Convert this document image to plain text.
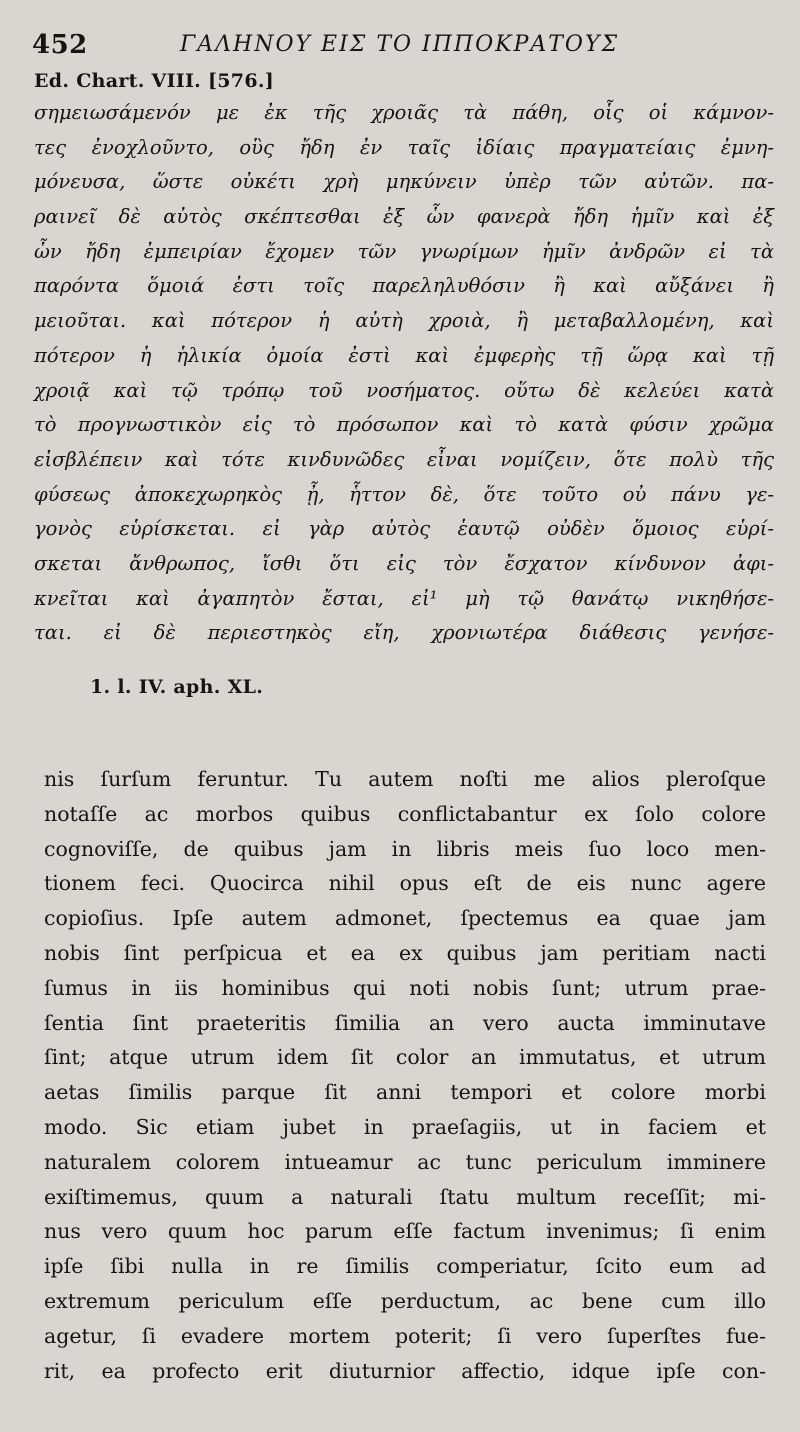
452	ΓΑΛΗΝΟΥ ΕΙΣ ΤΟ ΙΠΠΟΚΡΑΤΟΥΣ
Ed. Chart. VIII. [576.]
σημειωσάμενόν με ἐκ τῆς χροιᾶς τὰ πάθη, οἷς οἱ κάμνον-
τες ἐνοχλοῦντο, οὓς ἤδη ἐν ταῖς ἰδίαις πραγματείαις ἐμνη-
μόνευσα, ὥστε οὐκέτι χρὴ μηκύνειν ὑπὲρ τῶν αὐτῶν. πα-
ραινεῖ δὲ αὐτὸς σκέπτεσθαι ἐξ ὧν φανερὰ ἤδη ἡμῖν καὶ ἐξ
ὧν ἤδη ἐμπειρίαν ἔχομεν τῶν γνωρίμων ἡμῖν ἀνδρῶν εἰ τὰ
παρόντα ὅμοιά ἐστι τοῖς παρεληλυθόσιν ἢ καὶ αὔξάνει ἢ
μειοῦται. καὶ πότερον ἡ αὐτὴ χροιὰ, ἢ μεταβαλλομένη, καὶ
πότερον ἡ ἡλικία ὁμοία ἐστὶ καὶ ἐμφερὴς τῇ ὥρᾳ καὶ τῇ
χροιᾷ καὶ τῷ τρόπῳ τοῦ νοσήματος. οὕτω δὲ κελεύει κατὰ
τὸ προγνωστικὸν εἰς τὸ πρόσωπον καὶ τὸ κατὰ φύσιν χρῶμα
εἰσβλέπειν καὶ τότε κινδυνῶδες εἶναι νομίζειν, ὅτε πολὺ τῆς
φύσεως ἀποκεχωρηκὸς ᾖ, ἧττον δὲ, ὅτε τοῦτο οὐ πάνυ γε-
γονὸς εὑρίσκεται. εἰ γὰρ αὐτὸς ἑαυτῷ οὐδὲν ὅμοιος εὑρί-
σκεται ἄνθρωπος, ἴσθι ὅτι εἰς τὸν ἔσχατον κίνδυνον ἀφι-
κνεῖται καὶ ἀγαπητὸν ἔσται, εἰ¹ μὴ τῷ θανάτῳ νικηθήσε-
ται. εἰ δὲ περιεστηκὸς εἴη, χρονιωτέρα διάθεσις γενήσε-
1. l. IV. aph. XL.
nis ſurſum feruntur. Tu autem noſti me alios pleroſque
notaſſe ac morbos quibus conflictabantur ex ſolo colore
cognoviſſe, de quibus jam in libris meis ſuo loco men-
tionem feci. Quocirca nihil opus eſt de eis nunc agere
copioſius. Ipſe autem admonet, ſpectemus ea quae jam
nobis ſint perſpicua et ea ex quibus jam peritiam nacti
ſumus in iis hominibus qui noti nobis ſunt; utrum prae-
ſentia ſint praeteritis ſimilia an vero aucta imminutave
ſint; atque utrum idem ſit color an immutatus, et utrum
aetas ſimilis parque ſit anni tempori et colore morbi
modo. Sic etiam jubet in praeſagiis, ut in faciem et
naturalem colorem intueamur ac tunc periculum imminere
exiſtimemus, quum a naturali ſtatu multum receſſit; mi-
nus vero quum hoc parum eſſe factum invenimus; ſi enim
ipſe ſibi nulla in re ſimilis comperiatur, ſcito eum ad
extremum periculum eſſe perductum, ac bene cum illo
agetur, ſi evadere mortem poterit; ſi vero ſuperſtes fue-
rit, ea profecto erit diuturnior affectio, idque ipſe con-
